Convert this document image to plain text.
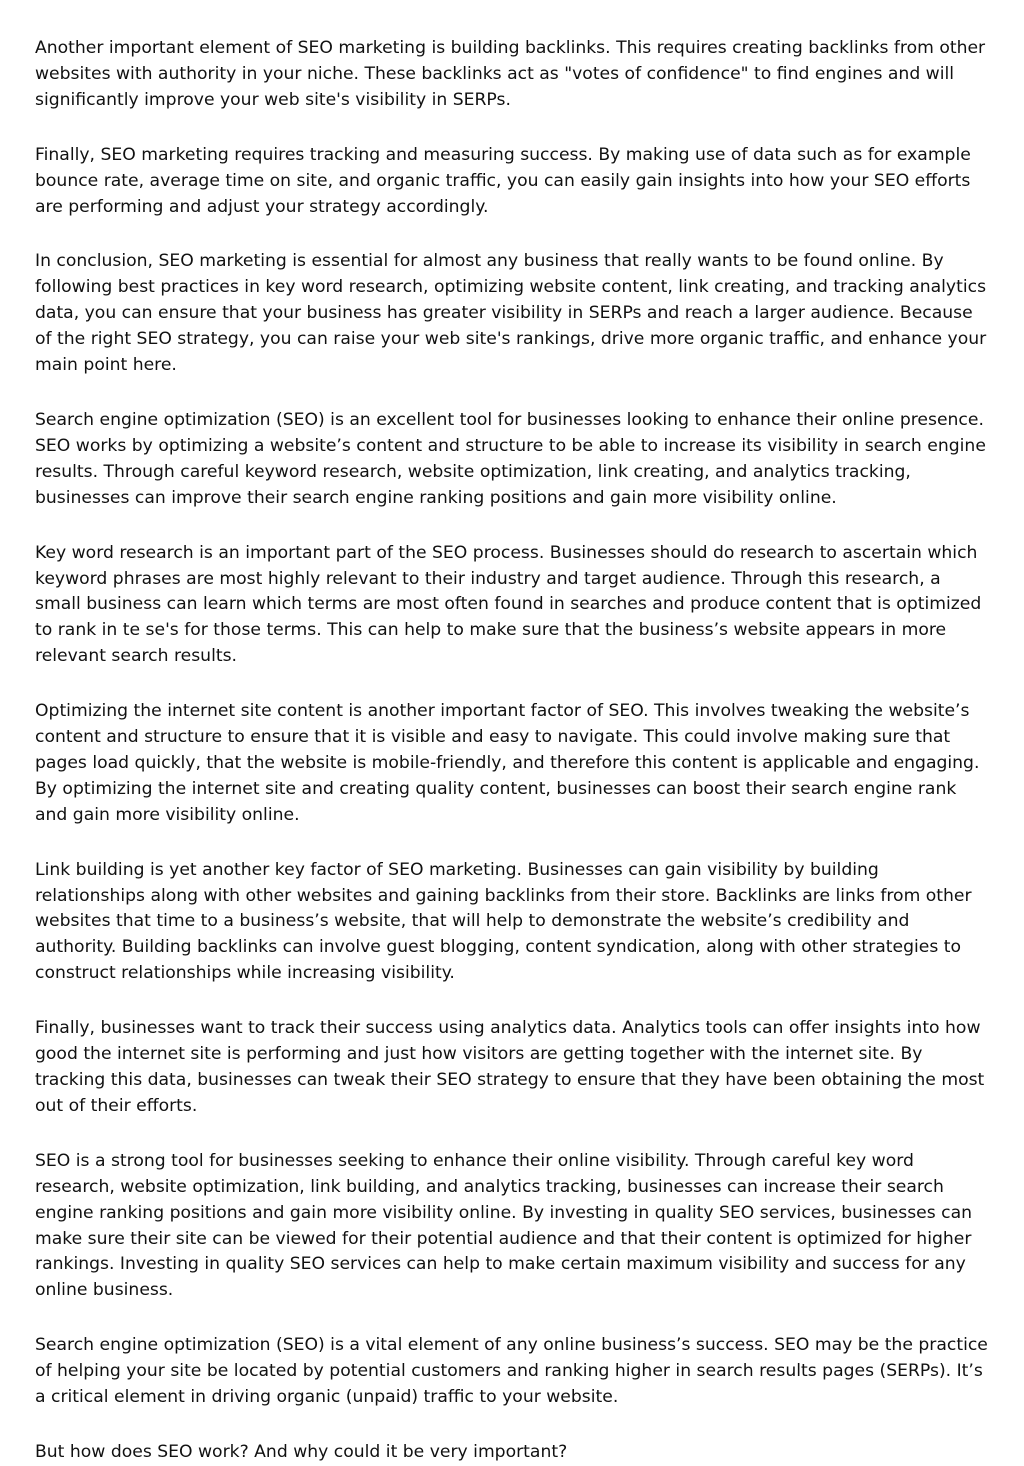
Another important element of SEO marketing is building backlinks. This requires creating backlinks from other websites with authority in your niche. These backlinks act as "votes of confidence" to find engines and will significantly improve your web site's visibility in SERPs.

Finally, SEO marketing requires tracking and measuring success. By making use of data such as for example bounce rate, average time on site, and organic traffic, you can easily gain insights into how your SEO efforts are performing and adjust your strategy accordingly.

In conclusion, SEO marketing is essential for almost any business that really wants to be found online. By following best practices in key word research, optimizing website content, link creating, and tracking analytics data, you can ensure that your business has greater visibility in SERPs and reach a larger audience. Because of the right SEO strategy, you can raise your web site's rankings, drive more organic traffic, and enhance your main point here.

Search engine optimization (SEO) is an excellent tool for businesses looking to enhance their online presence. SEO works by optimizing a website’s content and structure to be able to increase its visibility in search engine results. Through careful keyword research, website optimization, link creating, and analytics tracking, businesses can improve their search engine ranking positions and gain more visibility online.

Key word research is an important part of the SEO process. Businesses should do research to ascertain which keyword phrases are most highly relevant to their industry and target audience. Through this research, a small business can learn which terms are most often found in searches and produce content that is optimized to rank in te se's for those terms. This can help to make sure that the business’s website appears in more relevant search results.

Optimizing the internet site content is another important factor of SEO. This involves tweaking the website’s content and structure to ensure that it is visible and easy to navigate. This could involve making sure that pages load quickly, that the website is mobile-friendly, and therefore this content is applicable and engaging. By optimizing the internet site and creating quality content, businesses can boost their search engine rank and gain more visibility online.

Link building is yet another key factor of SEO marketing. Businesses can gain visibility by building relationships along with other websites and gaining backlinks from their store. Backlinks are links from other websites that time to a business’s website, that will help to demonstrate the website’s credibility and authority. Building backlinks can involve guest blogging, content syndication, along with other strategies to construct relationships while increasing visibility.

Finally, businesses want to track their success using analytics data. Analytics tools can offer insights into how good the internet site is performing and just how visitors are getting together with the internet site. By tracking this data, businesses can tweak their SEO strategy to ensure that they have been obtaining the most out of their efforts.

SEO is a strong tool for businesses seeking to enhance their online visibility. Through careful key word research, website optimization, link building, and analytics tracking, businesses can increase their search engine ranking positions and gain more visibility online. By investing in quality SEO services, businesses can make sure their site can be viewed for their potential audience and that their content is optimized for higher rankings. Investing in quality SEO services can help to make certain maximum visibility and success for any online business.

Search engine optimization (SEO) is a vital element of any online business’s success. SEO may be the practice of helping your site be located by potential customers and ranking higher in search results pages (SERPs). It’s a critical element in driving organic (unpaid) traffic to your website.

But how does SEO work? And why could it be very important?
